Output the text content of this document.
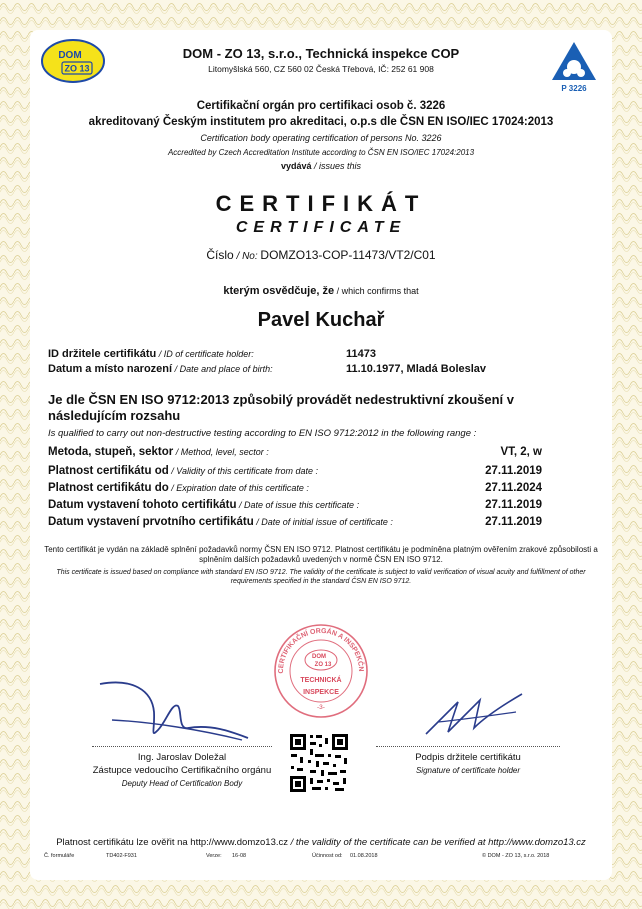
DOM
ZO 13
DOM - ZO 13, s.r.o., Technická inspekce COP
Litomyšlská 560, CZ 560 02 Česká Třebová, IČ: 252 61 908
P 3226
Certifikační orgán pro certifikaci osob č. 3226
akreditovaný Českým institutem pro akreditaci, o.p.s dle ČSN EN ISO/IEC 17024:2013
Certification body operating certification of persons No. 3226
Accredited by Czech Accreditation Institute according to ČSN EN ISO/IEC 17024:2013
vydává / issues this
CERTIFIKÁT
CERTIFICATE
Číslo / No: DOMZO13-COP-11473/VT2/C01
kterým osvědčuje, že / which confirms that
Pavel Kuchař
ID držitele certifikátu / ID of certificate holder:	11473
Datum a místo narození / Date and place of birth:	11.10.1977, Mladá Boleslav
Je dle ČSN EN ISO 9712:2013 způsobilý provádět nedestruktivní zkoušení v následujícím rozsahu
Is qualified to carry out non-destructive testing according to EN ISO 9712:2012 in the following range :
Metoda, stupeň, sektor / Method, level, sector :	VT, 2, w
Platnost certifikátu od / Validity of this certificate from date :	27.11.2019
Platnost certifikátu do / Expiration date of this certificate :	27.11.2024
Datum vystavení tohoto certifikátu / Date of issue this certificate :	27.11.2019
Datum vystavení prvotního certifikátu / Date of initial issue of certificate :	27.11.2019
Tento certifikát je vydán na základě splnění požadavků normy ČSN EN ISO 9712. Platnost certifikátu je podmíněna platným ověřením zrakové způsobilosti a splněním dalších požadavků uvedených v normě ČSN EN ISO 9712.
This certificate is issued based on compliance with standard EN ISO 9712. The validity of the certificate is subject to valid verification of visual acuity and fulfillment of other requirements specified in the standard ČSN EN ISO 9712.
CERTIFIKAČNÍ ORGÁN A INSPEKČN
DOM
ZO 13
TECHNICKÁ
INSPEKCE
-3-
Ing. Jaroslav Doležal
Zástupce vedoucího Certifikačního orgánu
Deputy Head of Certification Body
Podpis držitele certifikátu
Signature of certificate holder
Platnost certifikátu lze ověřit na http://www.domzo13.cz / the validity of the certificate can be verified at http://www.domzo13.cz
Č. formuláře	TD402-F931	Verze: 16-08	Účinnost od: 01.08.2018	© DOM - ZO 13, s.r.o. 2018
